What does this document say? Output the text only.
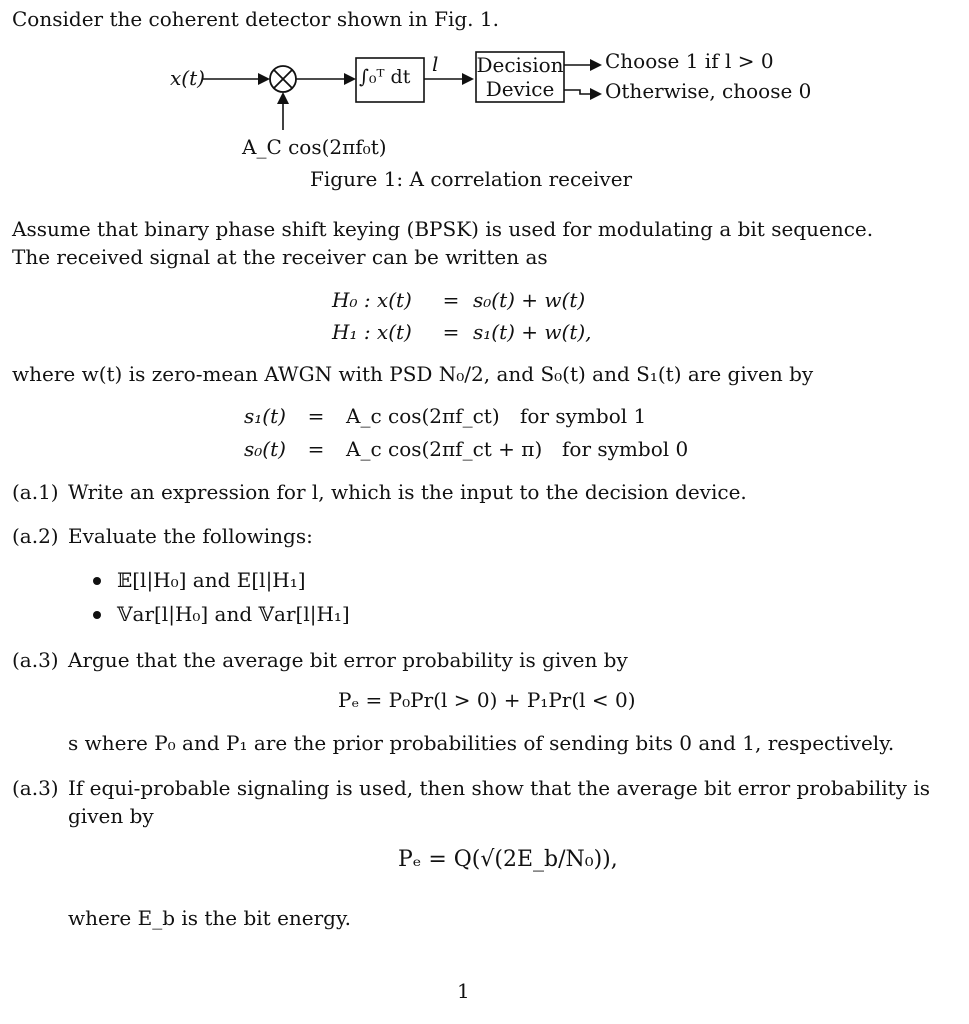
Consider the coherent detector shown in Fig. 1.
x(t)	∫₀ᵀ dt
l Decision
Device
Choose 1 if l > 0
Otherwise, choose 0
A_C cos(2πf₀t)
Figure 1: A correlation receiver
Assume that binary phase shift keying (BPSK) is used for modulating a bit sequence.
The received signal at the receiver can be written as
H₀ : x(t)	= s₀(t) + w(t)
H₁ : x(t)	= s₁(t) + w(t),
where w(t) is zero-mean AWGN with PSD N₀/2, and S₀(t) and S₁(t) are given by
s₁(t)	=	A_c cos(2πf_ct) for symbol 1
s₀(t)	=	A_c cos(2πf_ct + π) for symbol 0
(a.1) Write an expression for l, which is the input to the decision device.
(a.2) Evaluate the followings:
𝔼[l|H₀] and E[l|H₁]
𝕍ar[l|H₀] and 𝕍ar[l|H₁]
(a.3) Argue that the average bit error probability is given by
Pₑ = P₀Pr(l > 0) + P₁Pr(l < 0)
s where P₀ and P₁ are the prior probabilities of sending bits 0 and 1, respectively.
(a.3) If equi-probable signaling is used, then show that the average bit error probability is
given by
Pₑ = Q(√(2E_b/N₀)),
where E_b is the bit energy.
1
